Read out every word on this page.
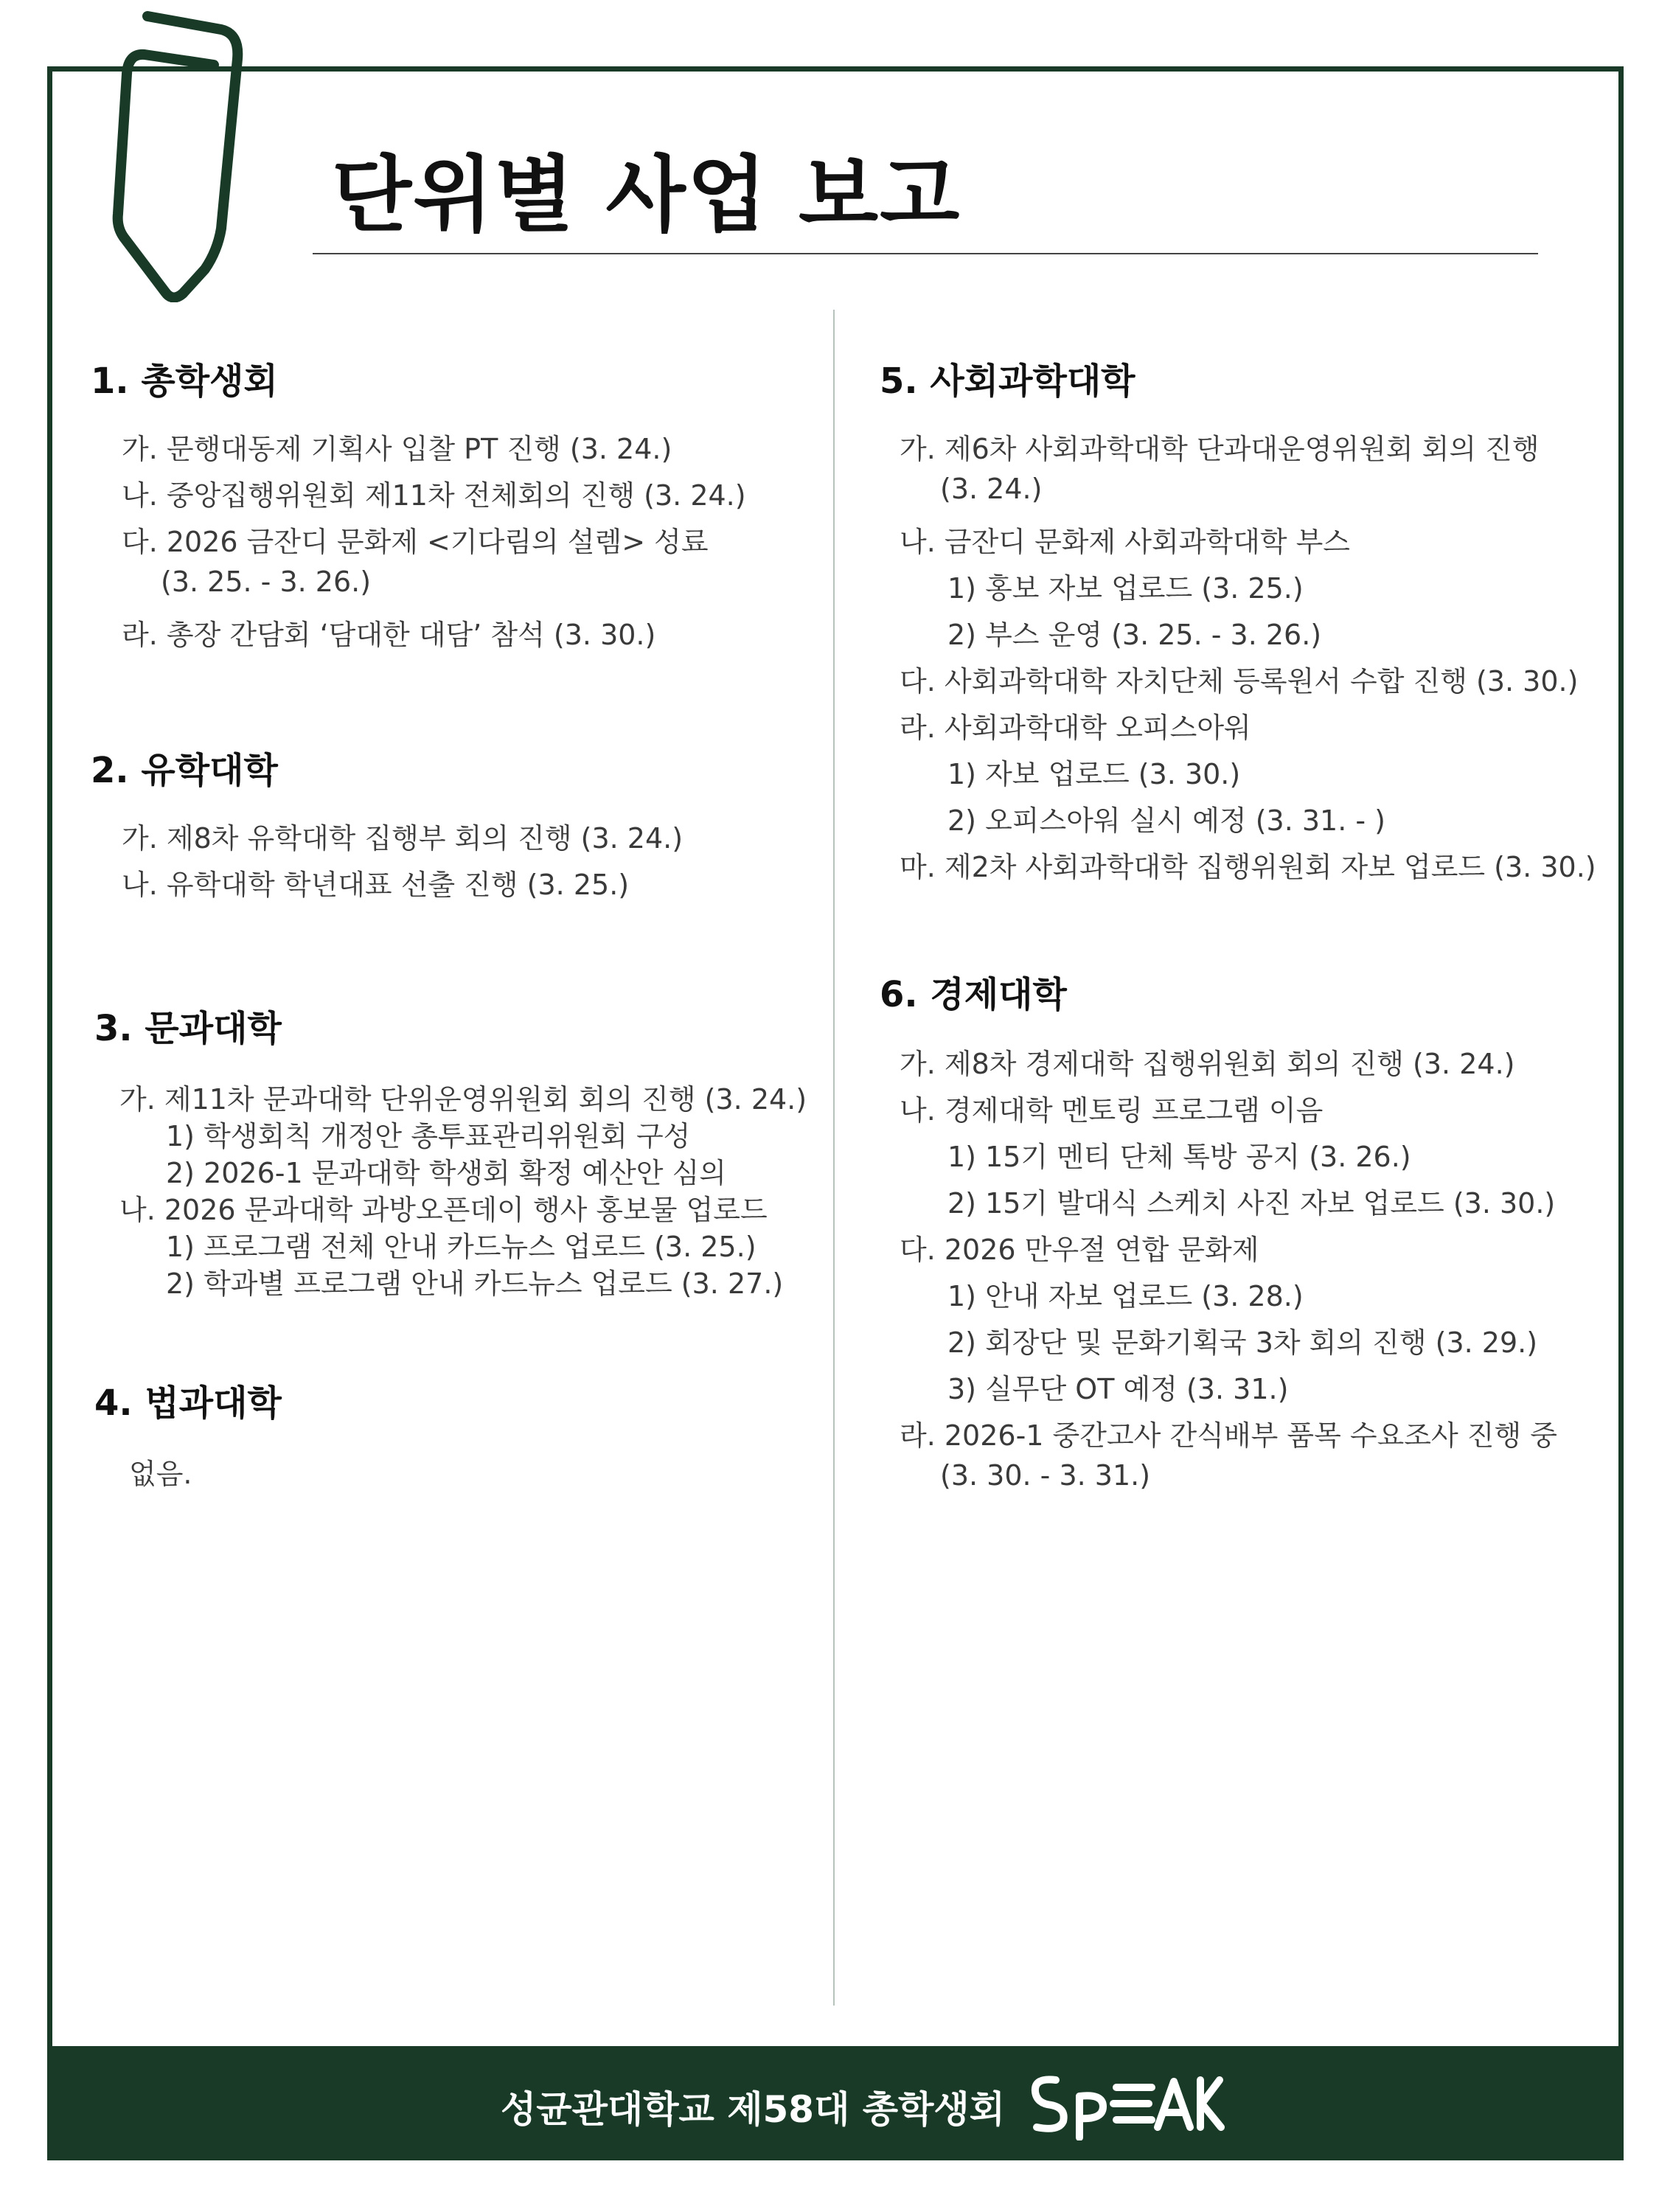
단위별 사업 보고
1. 총학생회
가. 문행대동제 기획사 입찰 PT 진행 (3. 24.)
나. 중앙집행위원회 제11차 전체회의 진행 (3. 24.)
다. 2026 금잔디 문화제 <기다림의 설렘> 성료
(3. 25. - 3. 26.)
라. 총장 간담회 ‘담대한 대담’ 참석 (3. 30.)
2. 유학대학
가. 제8차 유학대학 집행부 회의 진행 (3. 24.)
나. 유학대학 학년대표 선출 진행 (3. 25.)
3. 문과대학
가. 제11차 문과대학 단위운영위원회 회의 진행 (3. 24.)
1) 학생회칙 개정안 총투표관리위원회 구성
2) 2026-1 문과대학 학생회 확정 예산안 심의
나. 2026 문과대학 과방오픈데이 행사 홍보물 업로드
1) 프로그램 전체 안내 카드뉴스 업로드 (3. 25.)
2) 학과별 프로그램 안내 카드뉴스 업로드 (3. 27.)
4. 법과대학
없음.
5. 사회과학대학
가. 제6차 사회과학대학 단과대운영위원회 회의 진행
(3. 24.)
나. 금잔디 문화제 사회과학대학 부스
1) 홍보 자보 업로드 (3. 25.)
2) 부스 운영 (3. 25. - 3. 26.)
다. 사회과학대학 자치단체 등록원서 수합 진행 (3. 30.)
라. 사회과학대학 오피스아워
1) 자보 업로드 (3. 30.)
2) 오피스아워 실시 예정 (3. 31. - )
마. 제2차 사회과학대학 집행위원회 자보 업로드 (3. 30.)
6. 경제대학
가. 제8차 경제대학 집행위원회 회의 진행 (3. 24.)
나. 경제대학 멘토링 프로그램 이음
1) 15기 멘티 단체 톡방 공지 (3. 26.)
2) 15기 발대식 스케치 사진 자보 업로드 (3. 30.)
다. 2026 만우절 연합 문화제
1) 안내 자보 업로드 (3. 28.)
2) 회장단 및 문화기획국 3차 회의 진행 (3. 29.)
3) 실무단 OT 예정 (3. 31.)
라. 2026-1 중간고사 간식배부 품목 수요조사 진행 중
(3. 30. - 3. 31.)
성균관대학교 제58대 총학생회
